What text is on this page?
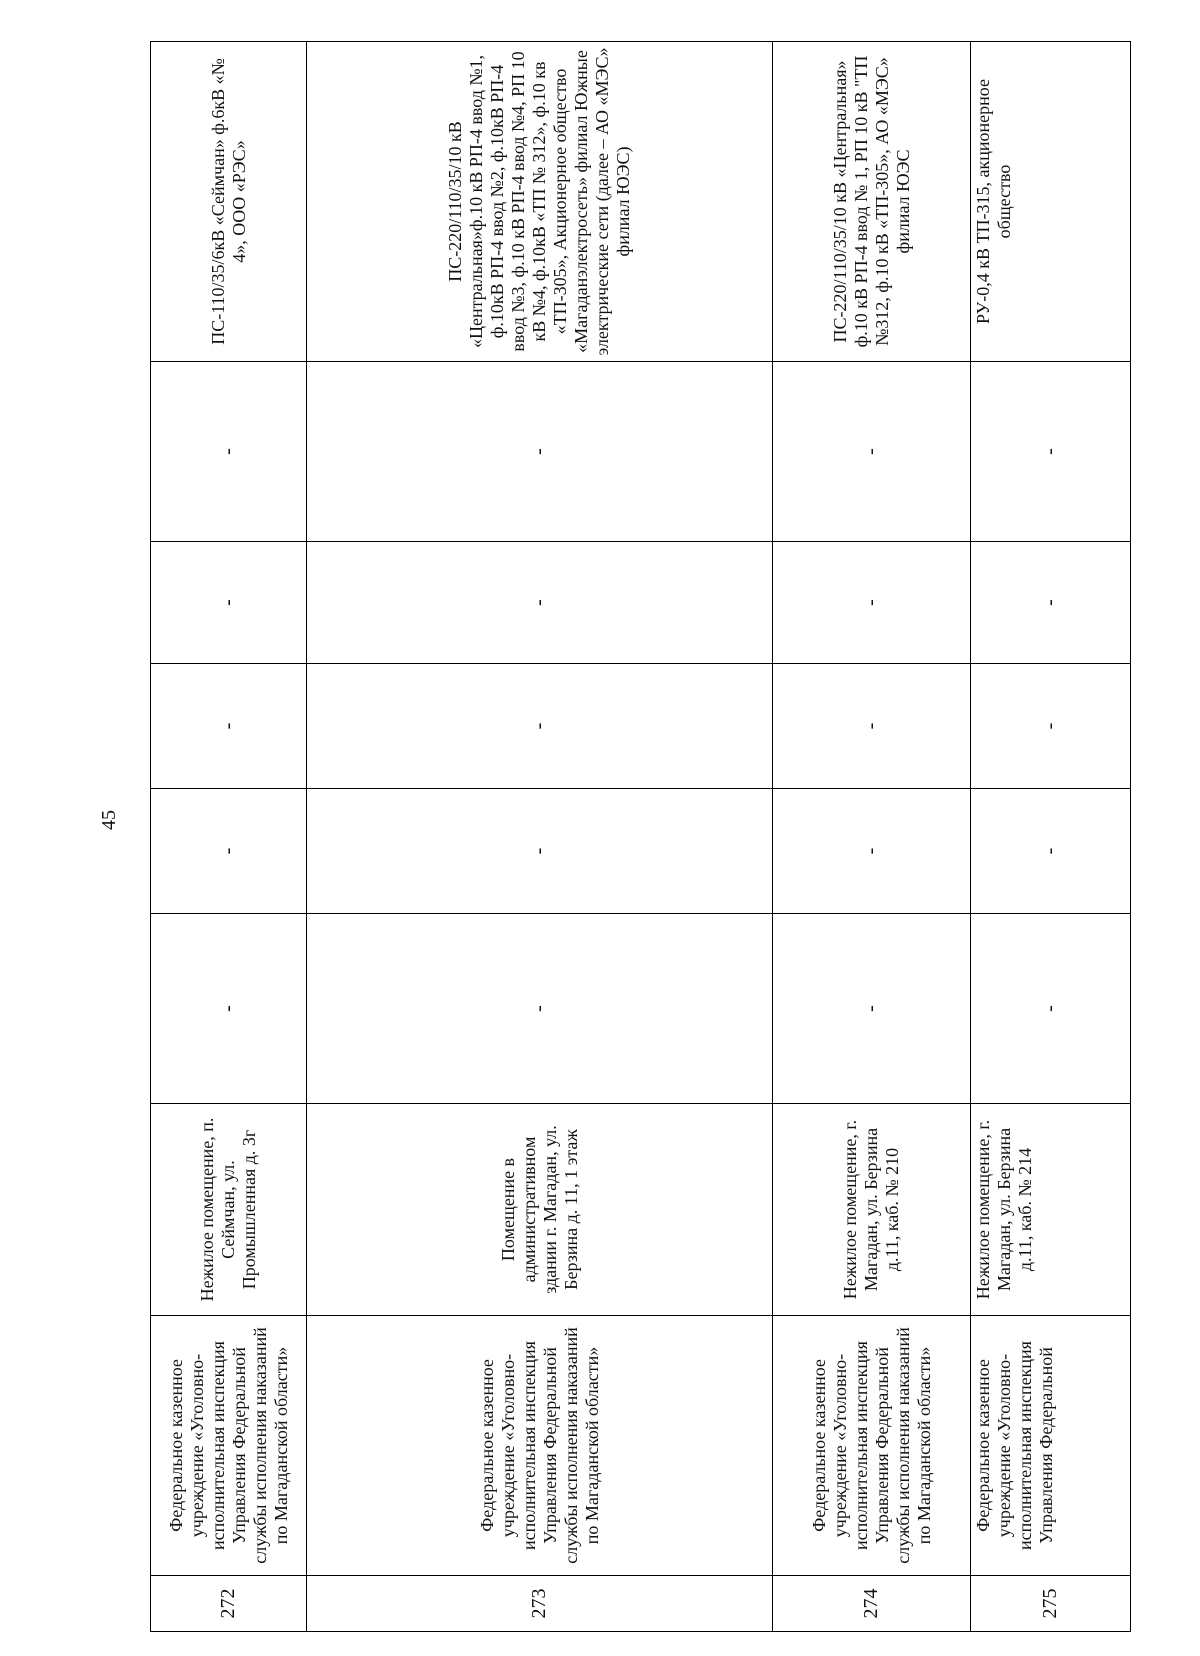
45
272	Федеральное казенное учреждение «Уголовно-исполнительная инспекция Управления Федеральной службы исполнения наказаний по Магаданской области»	Нежилое помещение, п. Сеймчан, ул. Промышленная д. 3г	-	-	-	-	-	ПС-110/35/6кВ «Сеймчан» ф.6кВ «№ 4», ООО «РЭС»
273	Федеральное казенное учреждение «Уголовно-исполнительная инспекция Управления Федеральной службы исполнения наказаний по Магаданской области»	Помещение в административном здании г. Магадан, ул. Берзина д. 11, 1 этаж	-	-	-	-	-	ПС-220/110/35/10 кВ «Центральная»ф.10 кВ РП-4 ввод №1, ф.10кВ РП-4 ввод №2, ф.10кВ РП-4 ввод №3, ф.10 кВ РП-4 ввод №4, РП 10 кВ №4, ф.10кВ «ТП № 312», ф.10 кв «ТП-305», Акционерное общество «Магаданэлектросеть» филиал Южные электрические сети (далее – АО «МЭС» филиал ЮЭС)
274	Федеральное казенное учреждение «Уголовно-исполнительная инспекция Управления Федеральной службы исполнения наказаний по Магаданской области»	Нежилое помещение, г. Магадан, ул. Берзина д.11, каб. № 210	-	-	-	-	-	ПС-220/110/35/10 кВ «Центральная» ф.10 кВ РП-4 ввод № 1, РП 10 кВ "ТП №312, ф.10 кВ «ТП-305», АО «МЭС» филиал ЮЭС
275	Федеральное казенное учреждение «Уголовно-исполнительная инспекция Управления Федеральной	Нежилое помещение, г. Магадан, ул. Берзина д.11, каб. № 214	-	-	-	-	-	РУ-0,4 кВ ТП-315, акционерное общество
